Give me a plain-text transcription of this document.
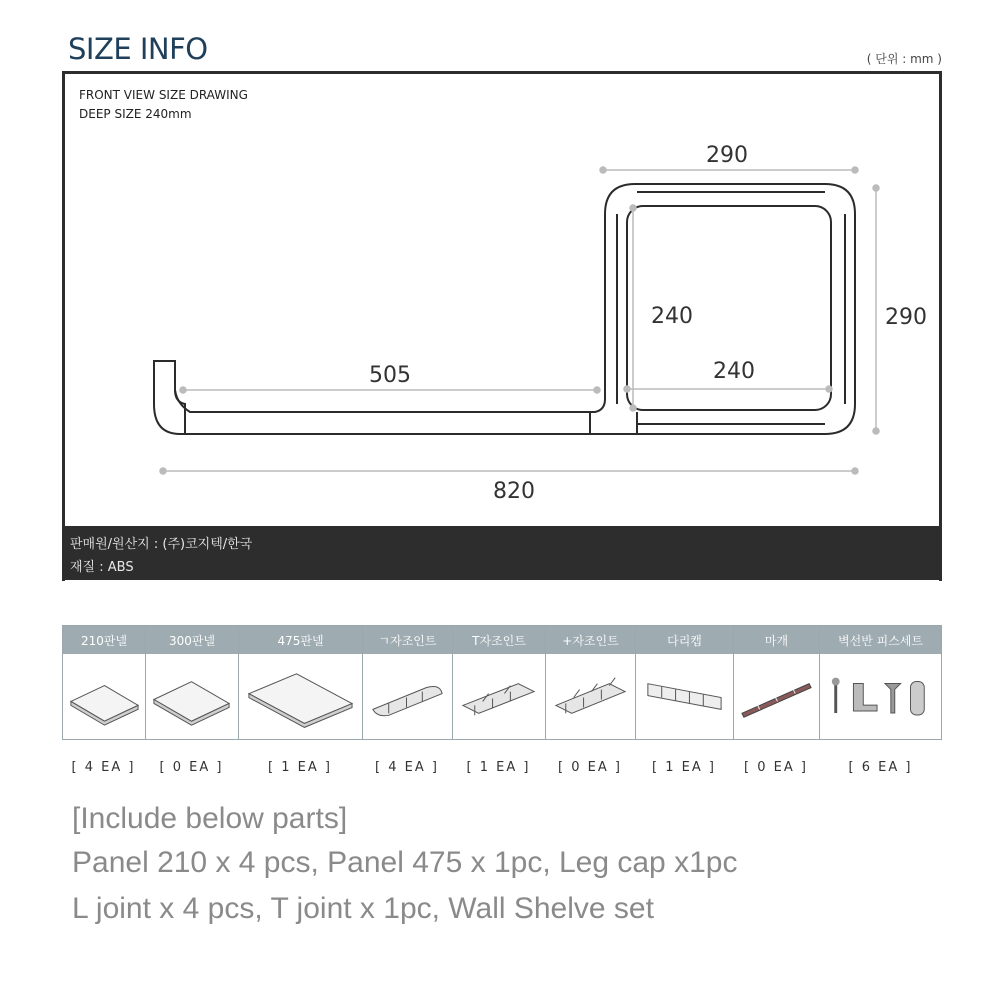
SIZE INFO	( 단위 : mm )
FRONT VIEW SIZE DRAWING
DEEP SIZE 240mm
290
240	290
240
505
820
판매원/원산지 : (주)코지텍/한국
재질 : ABS
210판넬	300판넬	475판넬	ㄱ자조인트	T자조인트	+자조인트	다리캡	마개	벽선반 피스세트
[ 4 EA ]	[ 0 EA ]	[ 1 EA ]	[ 4 EA ]	[ 1 EA ]	[ 0 EA ]	[ 1 EA ]	[ 0 EA ]	[ 6 EA ]
[Include below parts]
Panel 210 x 4 pcs, Panel 475 x 1pc, Leg cap x1pc
L joint x 4 pcs, T joint x 1pc, Wall Shelve set
